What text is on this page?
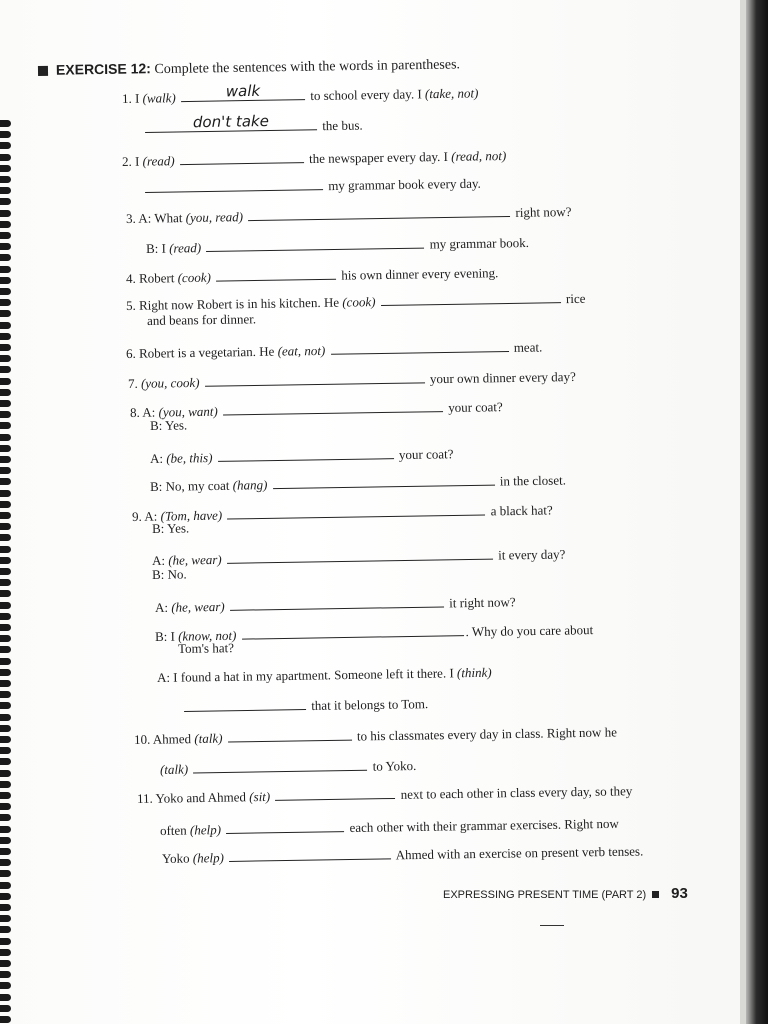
EXERCISE 12: Complete the sentences with the words in parentheses.
1. I (walk)	walk	to school every day. I (take, not)
don't take	the bus.
2. I (read)	the newspaper every day. I (read, not)
my grammar book every day.
3. A: What (you, read)	right now?
B: I (read)	my grammar book.
4. Robert (cook)	his own dinner every evening.
5. Right now Robert is in his kitchen. He (cook)	rice
and beans for dinner.
6. Robert is a vegetarian. He (eat, not)	meat.
7. (you, cook)	your own dinner every day?
8. A: (you, want)	your coat?
B: Yes.
A: (be, this)	your coat?
B: No, my coat (hang)	in the closet.
9. A: (Tom, have)	a black hat?
B: Yes.
A: (he, wear)	it every day?
B: No.
A: (he, wear)	it right now?
B: I (know, not)	. Why do you care about
Tom's hat?
A: I found a hat in my apartment. Someone left it there. I (think)
that it belongs to Tom.
10. Ahmed (talk)	to his classmates every day in class. Right now he
(talk)	to Yoko.
11. Yoko and Ahmed (sit)	next to each other in class every day, so they
often (help)	each other with their grammar exercises. Right now
Yoko (help)	Ahmed with an exercise on present verb tenses.
EXPRESSING PRESENT TIME (PART 2) 93
